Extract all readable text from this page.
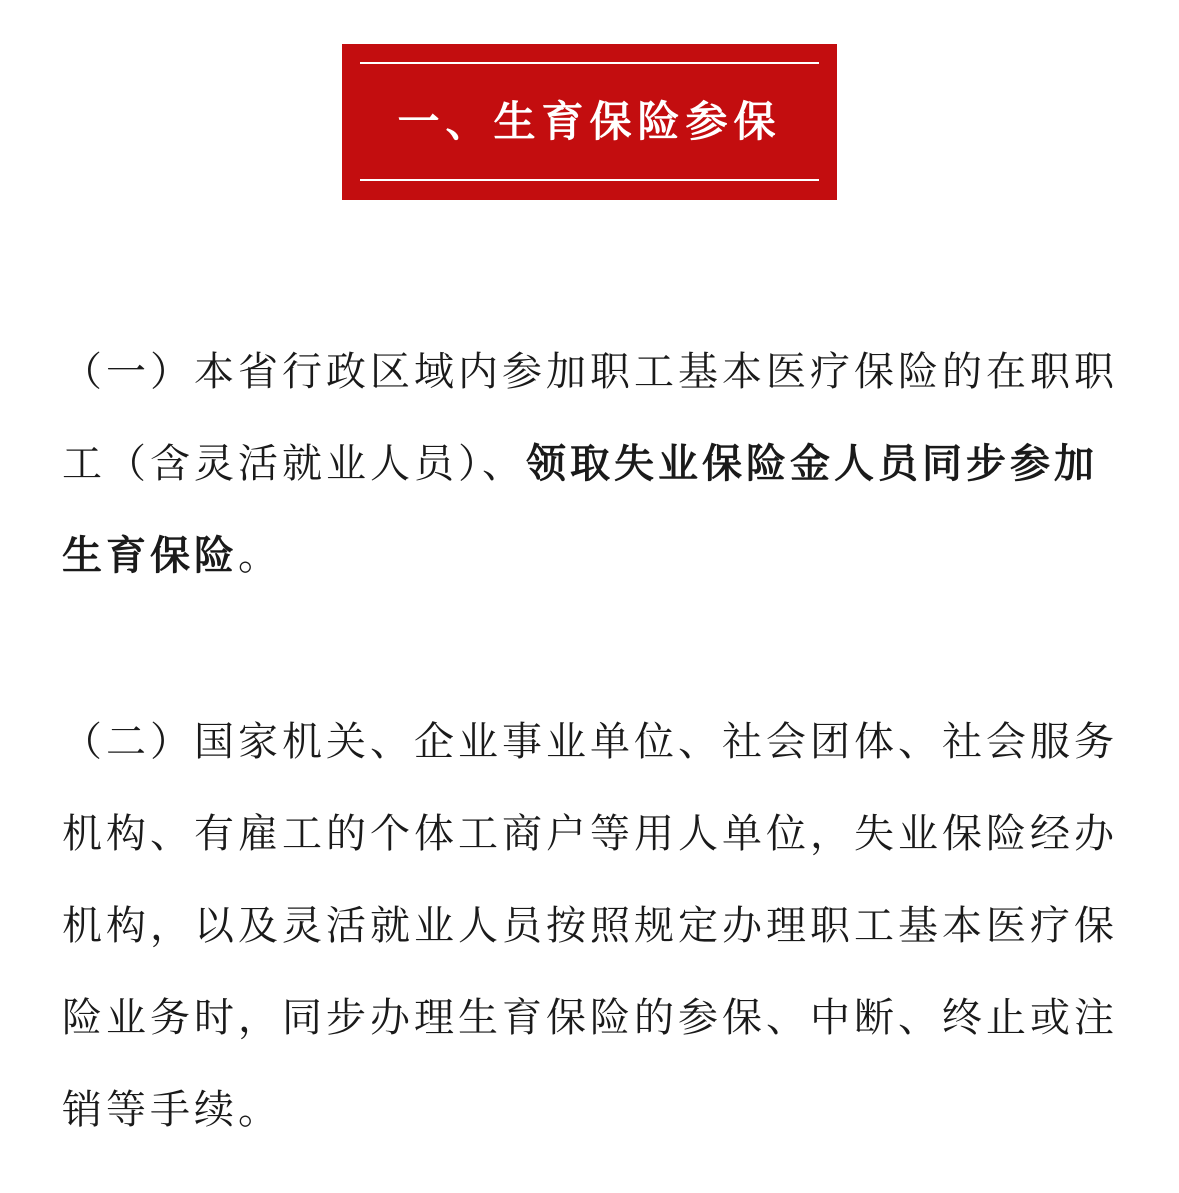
一、生育保险参保

（一）本省行政区域内参加职工基本医疗保险的在职职工（含灵活就业人员）、领取失业保险金人员同步参加生育保险。

（二）国家机关、企业事业单位、社会团体、社会服务机构、有雇工的个体工商户等用人单位，失业保险经办机构，以及灵活就业人员按照规定办理职工基本医疗保险业务时，同步办理生育保险的参保、中断、终止或注销等手续。
